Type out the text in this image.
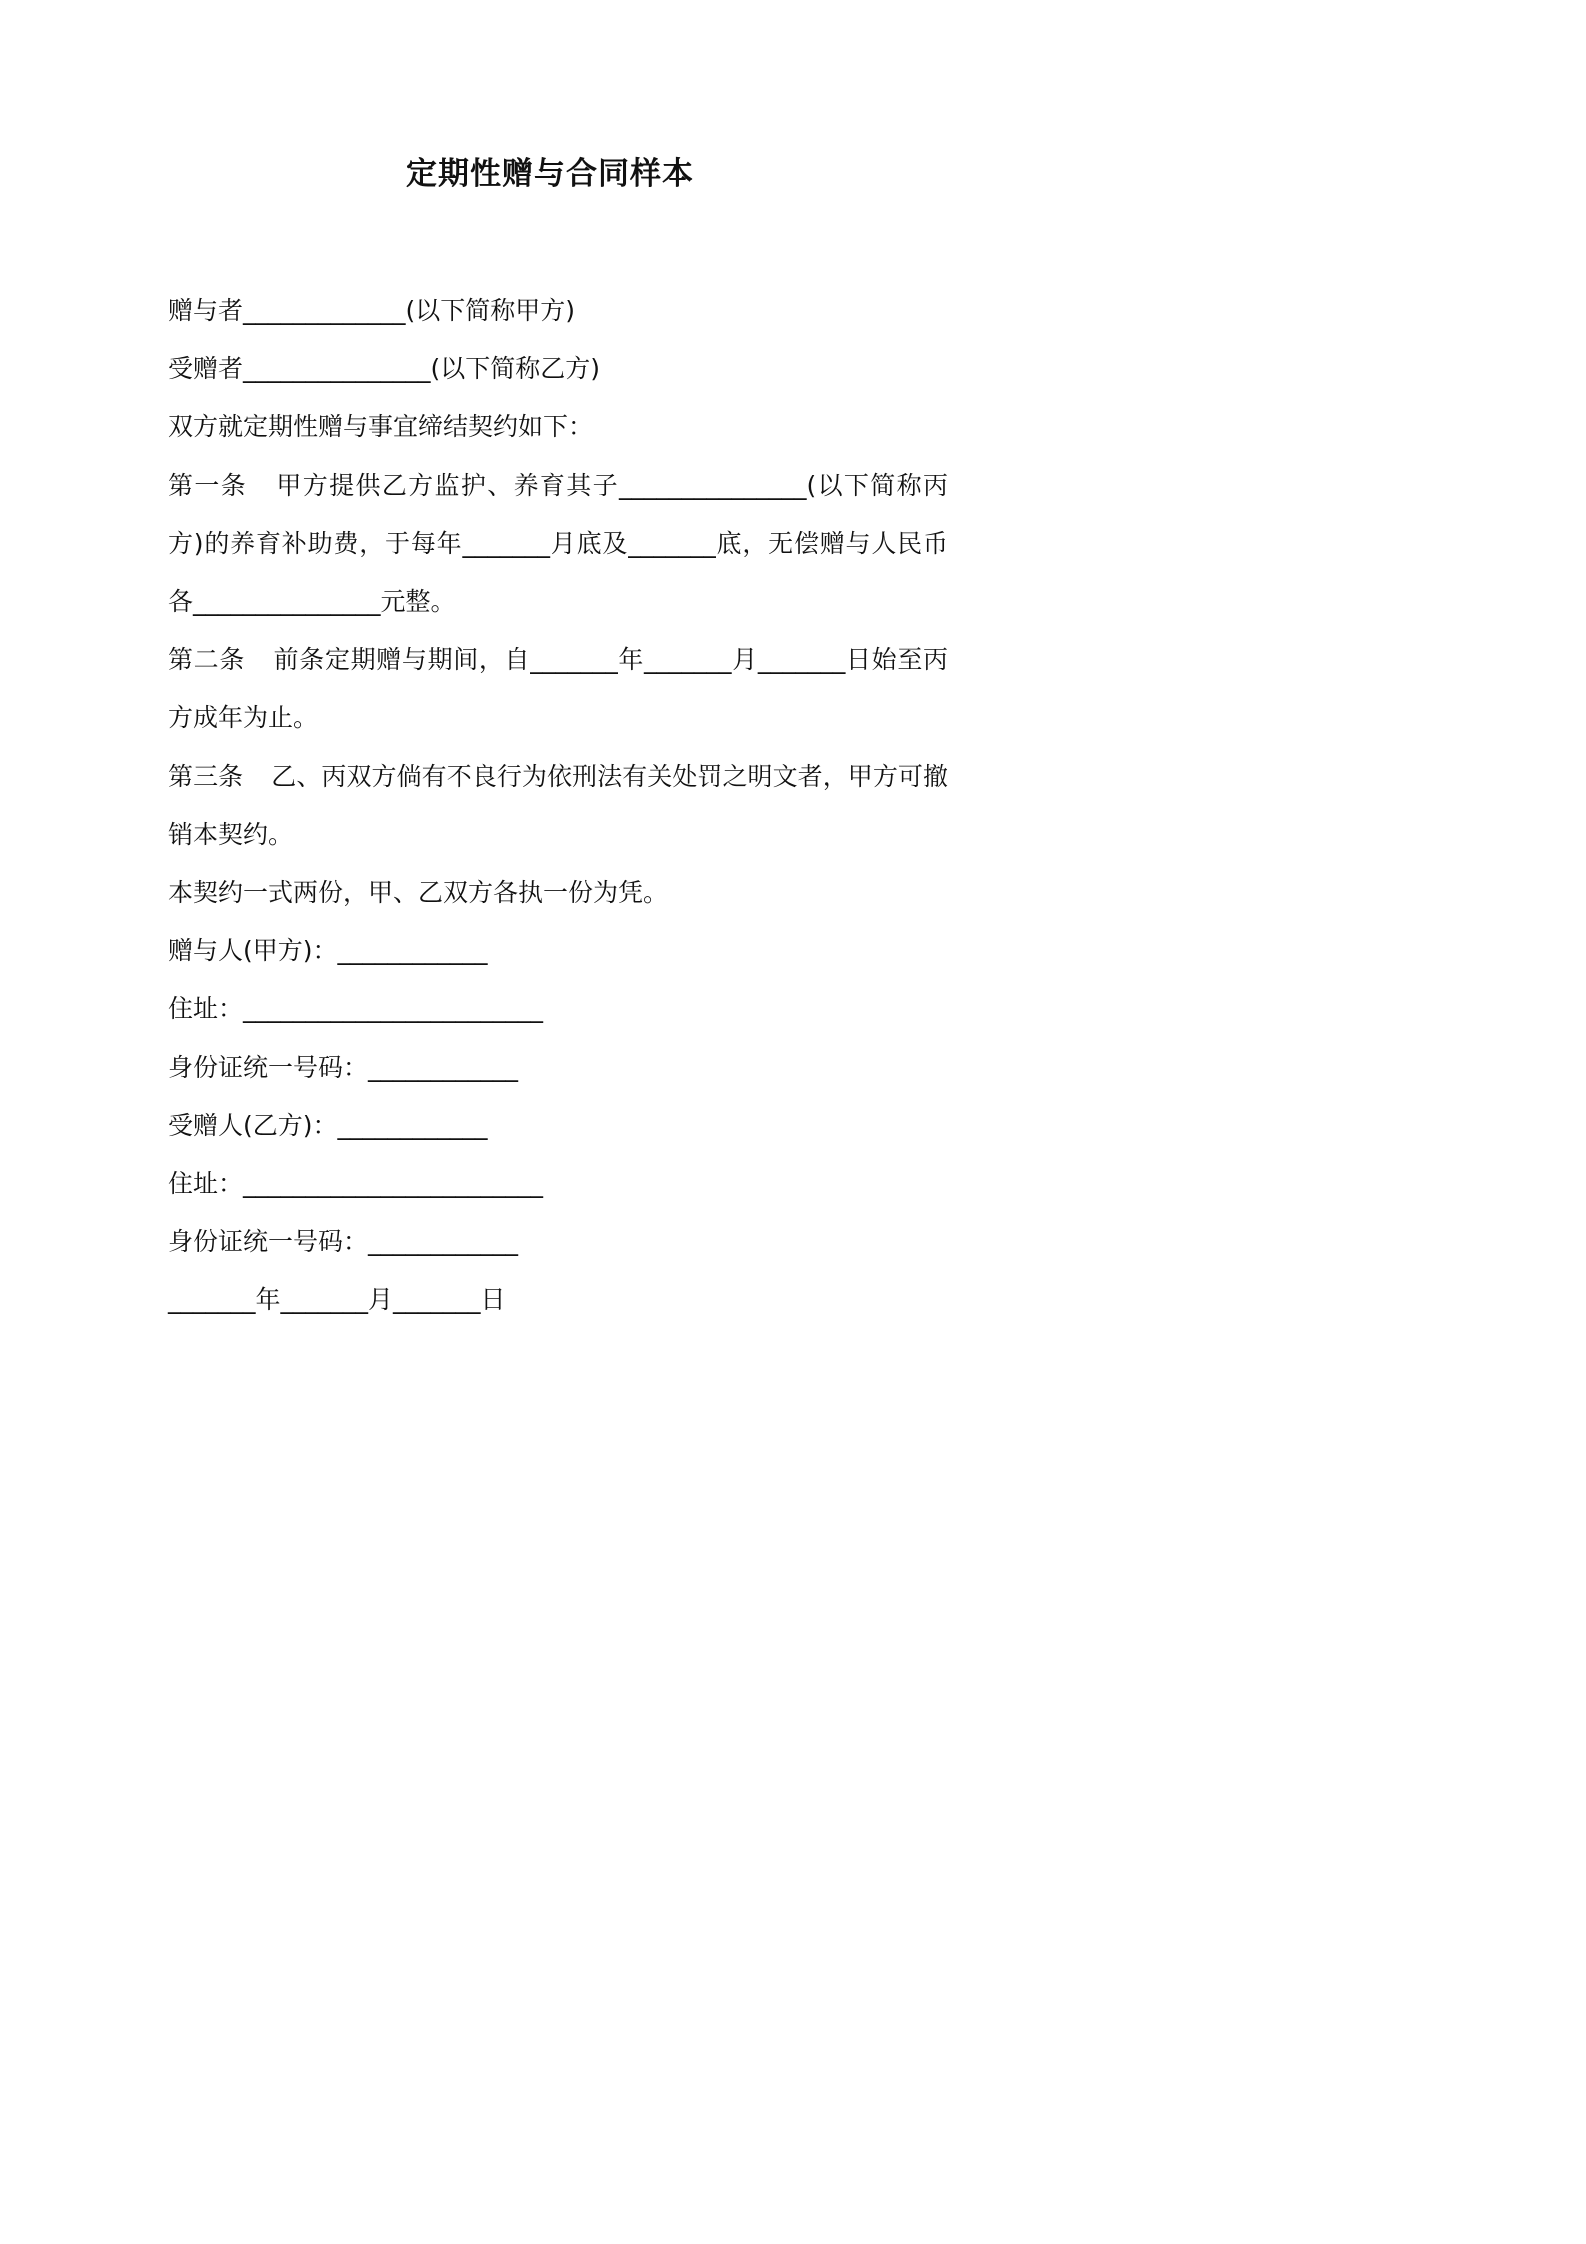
定期性赠与合同样本
赠与者_____________(以下简称甲方)
受赠者_______________(以下简称乙方)
双方就定期性赠与事宜缔结契约如下：
第一条 甲方提供乙方监护、养育其子_______________(以下简称丙方)的养育补助费，于每年_______月底及_______底，无偿赠与人民币各_______________元整。
第二条 前条定期赠与期间，自_______年_______月_______日始至丙方成年为止。
第三条 乙、丙双方倘有不良行为依刑法有关处罚之明文者，甲方可撤销本契约。
本契约一式两份，甲、乙双方各执一份为凭。
赠与人(甲方)：____________
住址：________________________
身份证统一号码：____________
受赠人(乙方)：____________
住址：________________________
身份证统一号码：____________
_______年_______月_______日
